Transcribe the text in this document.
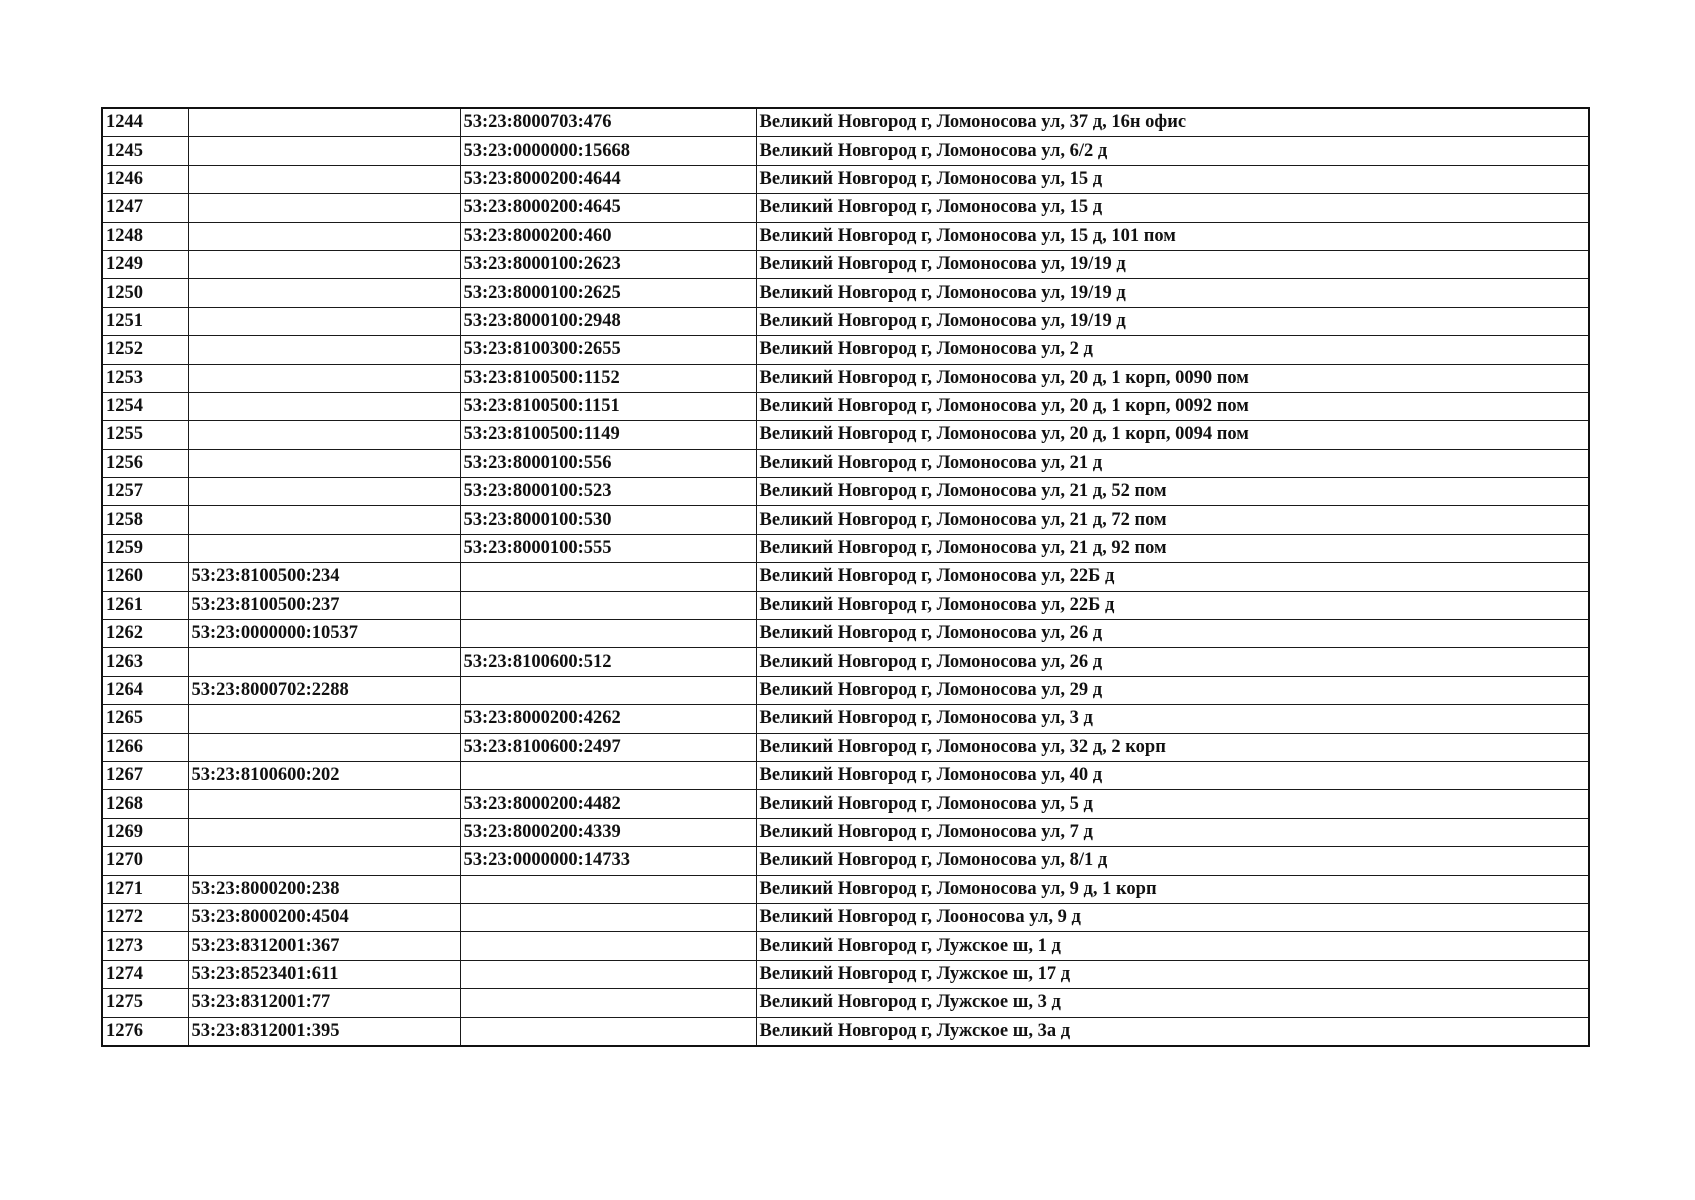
1244		53:23:8000703:476	Великий Новгород г, Ломоносова ул, 37 д, 16н офис
1245		53:23:0000000:15668	Великий Новгород г, Ломоносова ул, 6/2 д
1246		53:23:8000200:4644	Великий Новгород г, Ломоносова ул, 15 д
1247		53:23:8000200:4645	Великий Новгород г, Ломоносова ул, 15 д
1248		53:23:8000200:460	Великий Новгород г, Ломоносова ул, 15 д, 101 пом
1249		53:23:8000100:2623	Великий Новгород г, Ломоносова ул, 19/19 д
1250		53:23:8000100:2625	Великий Новгород г, Ломоносова ул, 19/19 д
1251		53:23:8000100:2948	Великий Новгород г, Ломоносова ул, 19/19 д
1252		53:23:8100300:2655	Великий Новгород г, Ломоносова ул, 2 д
1253		53:23:8100500:1152	Великий Новгород г, Ломоносова ул, 20 д, 1 корп, 0090 пом
1254		53:23:8100500:1151	Великий Новгород г, Ломоносова ул, 20 д, 1 корп, 0092 пом
1255		53:23:8100500:1149	Великий Новгород г, Ломоносова ул, 20 д, 1 корп, 0094 пом
1256		53:23:8000100:556	Великий Новгород г, Ломоносова ул, 21 д
1257		53:23:8000100:523	Великий Новгород г, Ломоносова ул, 21 д, 52 пом
1258		53:23:8000100:530	Великий Новгород г, Ломоносова ул, 21 д, 72 пом
1259		53:23:8000100:555	Великий Новгород г, Ломоносова ул, 21 д, 92 пом
1260	53:23:8100500:234		Великий Новгород г, Ломоносова ул, 22Б д
1261	53:23:8100500:237		Великий Новгород г, Ломоносова ул, 22Б д
1262	53:23:0000000:10537		Великий Новгород г, Ломоносова ул, 26 д
1263		53:23:8100600:512	Великий Новгород г, Ломоносова ул, 26 д
1264	53:23:8000702:2288		Великий Новгород г, Ломоносова ул, 29 д
1265		53:23:8000200:4262	Великий Новгород г, Ломоносова ул, 3 д
1266		53:23:8100600:2497	Великий Новгород г, Ломоносова ул, 32 д, 2 корп
1267	53:23:8100600:202		Великий Новгород г, Ломоносова ул, 40 д
1268		53:23:8000200:4482	Великий Новгород г, Ломоносова ул, 5 д
1269		53:23:8000200:4339	Великий Новгород г, Ломоносова ул, 7 д
1270		53:23:0000000:14733	Великий Новгород г, Ломоносова ул, 8/1 д
1271	53:23:8000200:238		Великий Новгород г, Ломоносова ул, 9 д, 1 корп
1272	53:23:8000200:4504		Великий Новгород г, Лооносова ул, 9 д
1273	53:23:8312001:367		Великий Новгород г, Лужское ш, 1 д
1274	53:23:8523401:611		Великий Новгород г, Лужское ш, 17 д
1275	53:23:8312001:77		Великий Новгород г, Лужское ш, 3 д
1276	53:23:8312001:395		Великий Новгород г, Лужское ш, 3а д
